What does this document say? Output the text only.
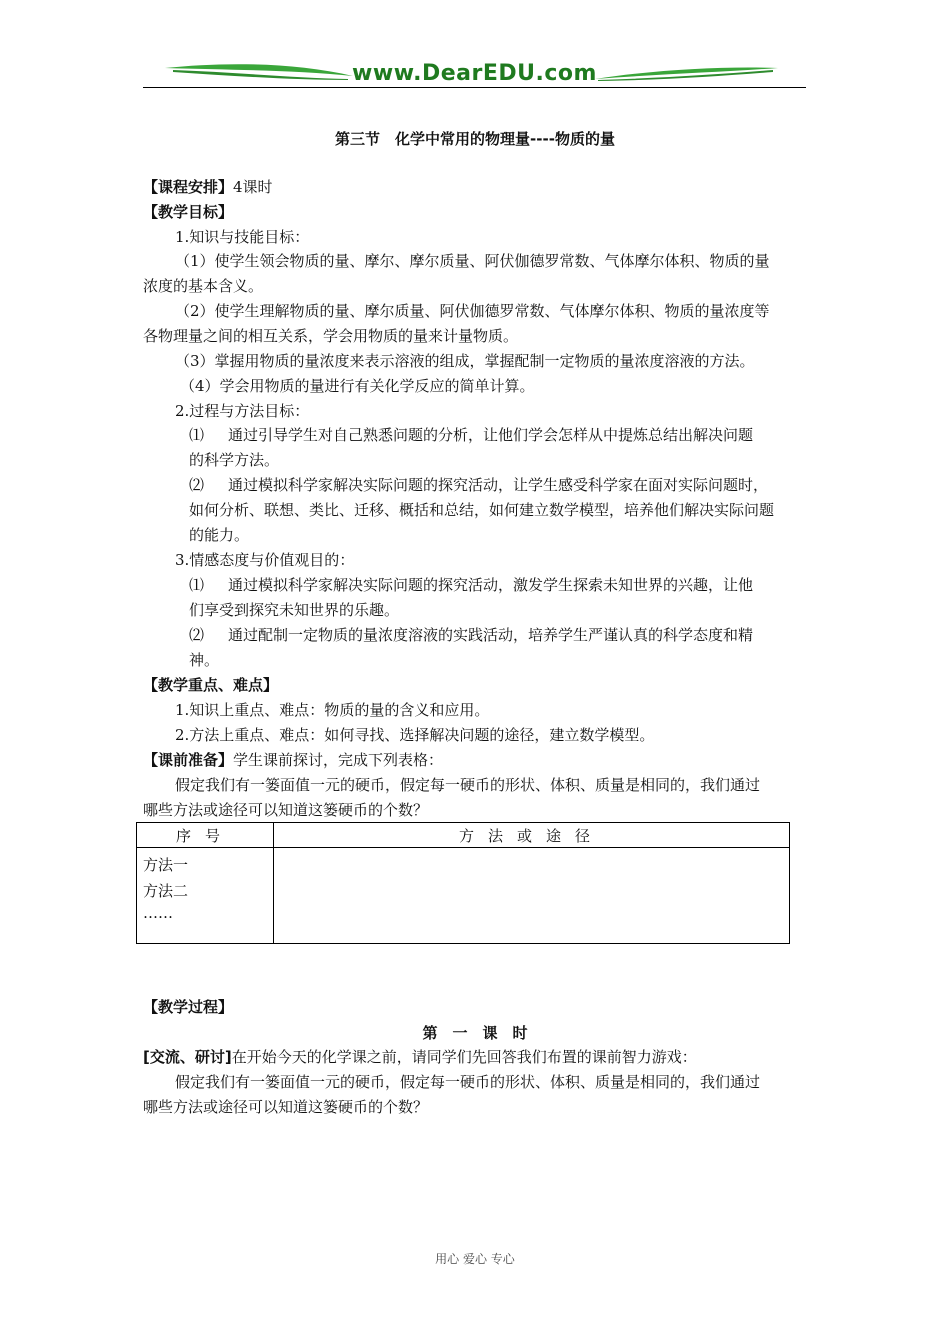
www.DearEDU.com
第三节　化学中常用的物理量----物质的量
【课程安排】4课时
【教学目标】
1.知识与技能目标：
（1）使学生领会物质的量、摩尔、摩尔质量、阿伏伽德罗常数、气体摩尔体积、物质的量
浓度的基本含义。
（2）使学生理解物质的量、摩尔质量、阿伏伽德罗常数、气体摩尔体积、物质的量浓度等
各物理量之间的相互关系，学会用物质的量来计量物质。
（3）掌握用物质的量浓度来表示溶液的组成，掌握配制一定物质的量浓度溶液的方法。
（4）学会用物质的量进行有关化学反应的简单计算。
2.过程与方法目标：
⑴ 通过引导学生对自己熟悉问题的分析，让他们学会怎样从中提炼总结出解决问题
的科学方法。
⑵ 通过模拟科学家解决实际问题的探究活动，让学生感受科学家在面对实际问题时，
如何分析、联想、类比、迁移、概括和总结，如何建立数学模型，培养他们解决实际问题
的能力。
3.情感态度与价值观目的：
⑴ 通过模拟科学家解决实际问题的探究活动，激发学生探索未知世界的兴趣，让他
们享受到探究未知世界的乐趣。
⑵ 通过配制一定物质的量浓度溶液的实践活动，培养学生严谨认真的科学态度和精
神。
【教学重点、难点】
1.知识上重点、难点：物质的量的含义和应用。
2.方法上重点、难点：如何寻找、选择解决问题的途径，建立数学模型。
【课前准备】学生课前探讨，完成下列表格：
假定我们有一篓面值一元的硬币，假定每一硬币的形状、体积、质量是相同的，我们通过
哪些方法或途径可以知道这篓硬币的个数？
序号	方法或途径

方法一
方法二
……	

【教学过程】
第　一　课　时
[交流、研讨]在开始今天的化学课之前，请同学们先回答我们布置的课前智力游戏：
假定我们有一篓面值一元的硬币，假定每一硬币的形状、体积、质量是相同的，我们通过
哪些方法或途径可以知道这篓硬币的个数？
用心 爱心 专心
